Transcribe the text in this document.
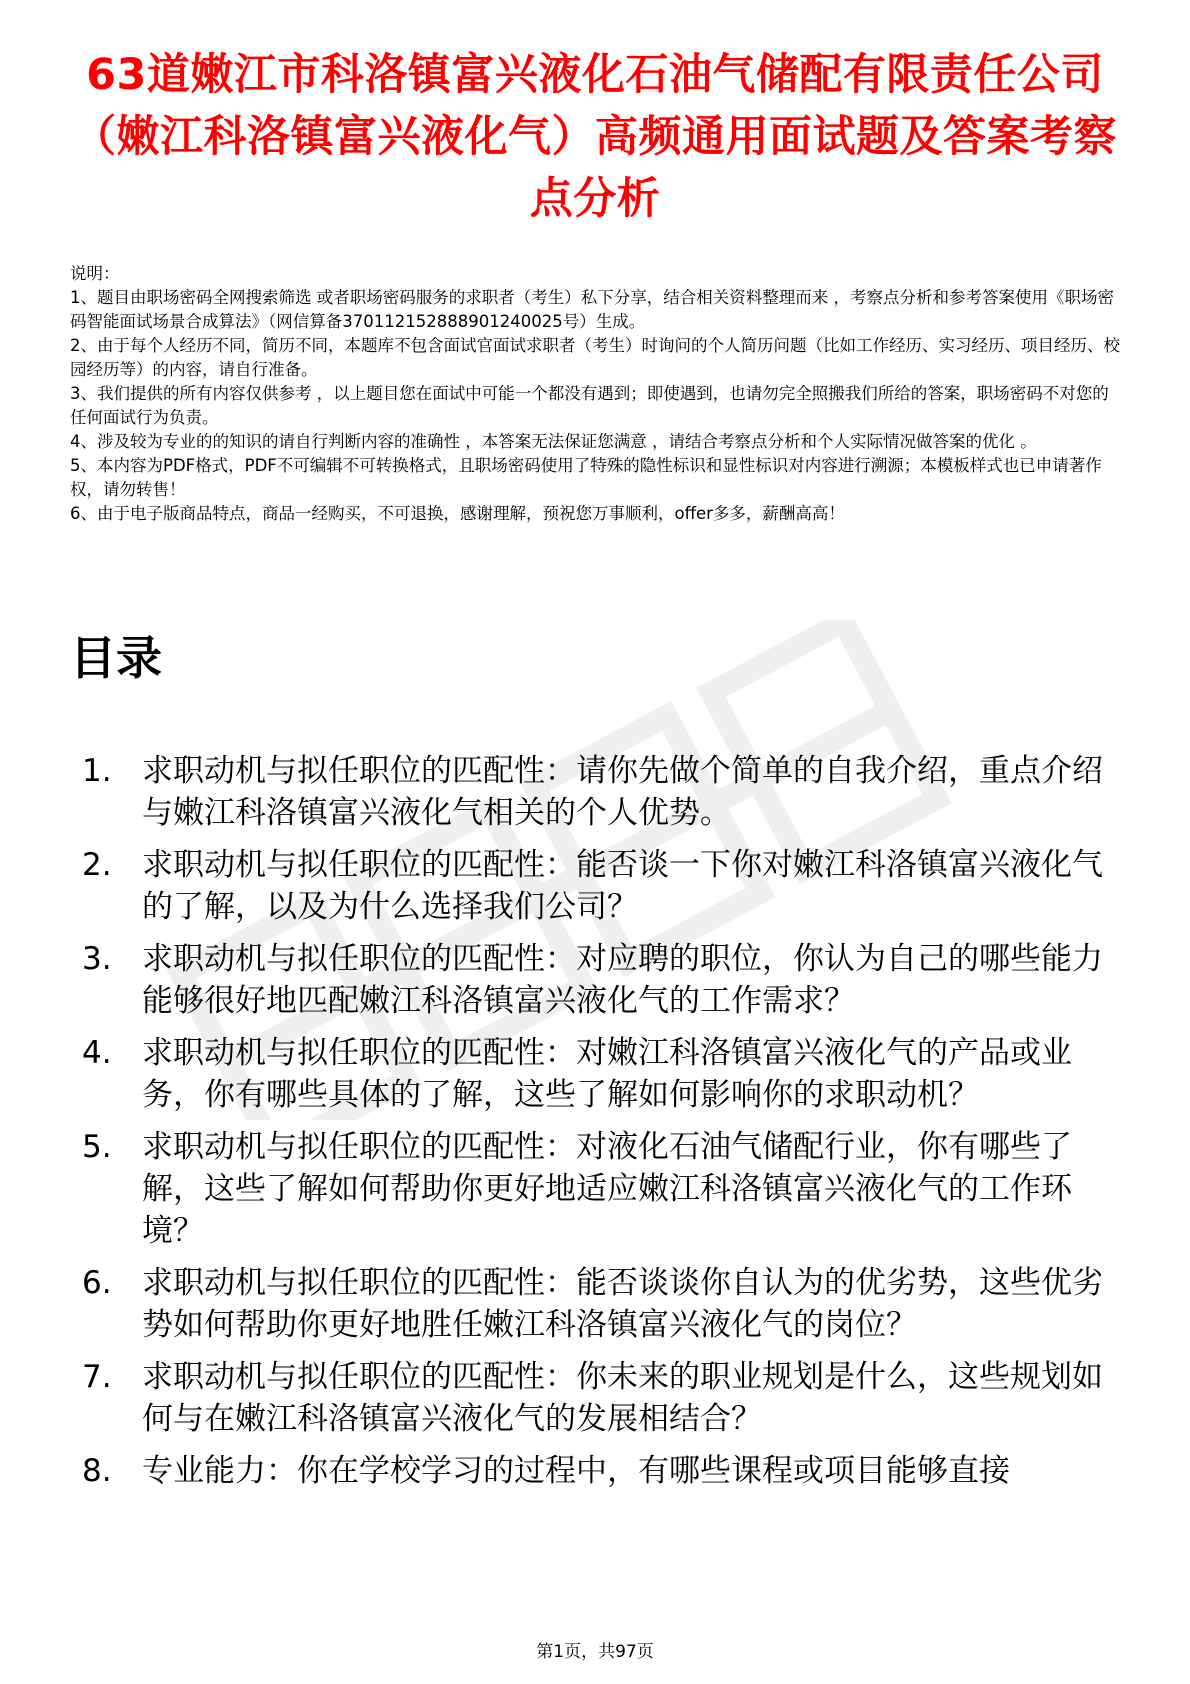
63道嫩江市科洛镇富兴液化石油气储配有限责任公司（嫩江科洛镇富兴液化气）高频通用面试题及答案考察点分析
说明：
1、题目由职场密码全网搜索筛选 或者职场密码服务的求职者（考生）私下分享，结合相关资料整理而来 ，考察点分析和参考答案使用《职场密码智能面试场景合成算法》（网信算备370112152888901240025号）生成。
2、由于每个人经历不同，简历不同，本题库不包含面试官面试求职者（考生）时询问的个人简历问题（比如工作经历、实习经历、项目经历、校园经历等）的内容，请自行准备。
3、我们提供的所有内容仅供参考 ，以上题目您在面试中可能一个都没有遇到；即使遇到，也请勿完全照搬我们所给的答案，职场密码不对您的任何面试行为负责。
4、涉及较为专业的的知识的请自行判断内容的准确性 ，本答案无法保证您满意 ，请结合考察点分析和个人实际情况做答案的优化 。
5、本内容为PDF格式，PDF不可编辑不可转换格式，且职场密码使用了特殊的隐性标识和显性标识对内容进行溯源；本模板样式也已申请著作权，请勿转售！
6、由于电子版商品特点，商品一经购买，不可退换，感谢理解，预祝您万事顺利，offer多多，薪酬高高！
目录
1. 求职动机与拟任职位的匹配性：请你先做个简单的自我介绍，重点介绍与嫩江科洛镇富兴液化气相关的个人优势。
2. 求职动机与拟任职位的匹配性：能否谈一下你对嫩江科洛镇富兴液化气的了解，以及为什么选择我们公司？
3. 求职动机与拟任职位的匹配性：对应聘的职位，你认为自己的哪些能力能够很好地匹配嫩江科洛镇富兴液化气的工作需求？
4. 求职动机与拟任职位的匹配性：对嫩江科洛镇富兴液化气的产品或业务，你有哪些具体的了解，这些了解如何影响你的求职动机？
5. 求职动机与拟任职位的匹配性：对液化石油气储配行业，你有哪些了解，这些了解如何帮助你更好地适应嫩江科洛镇富兴液化气的工作环境？
6. 求职动机与拟任职位的匹配性：能否谈谈你自认为的优劣势，这些优劣势如何帮助你更好地胜任嫩江科洛镇富兴液化气的岗位？
7. 求职动机与拟任职位的匹配性：你未来的职业规划是什么，这些规划如何与在嫩江科洛镇富兴液化气的发展相结合？
8. 专业能力：你在学校学习的过程中，有哪些课程或项目能够直接
第1页，共97页
